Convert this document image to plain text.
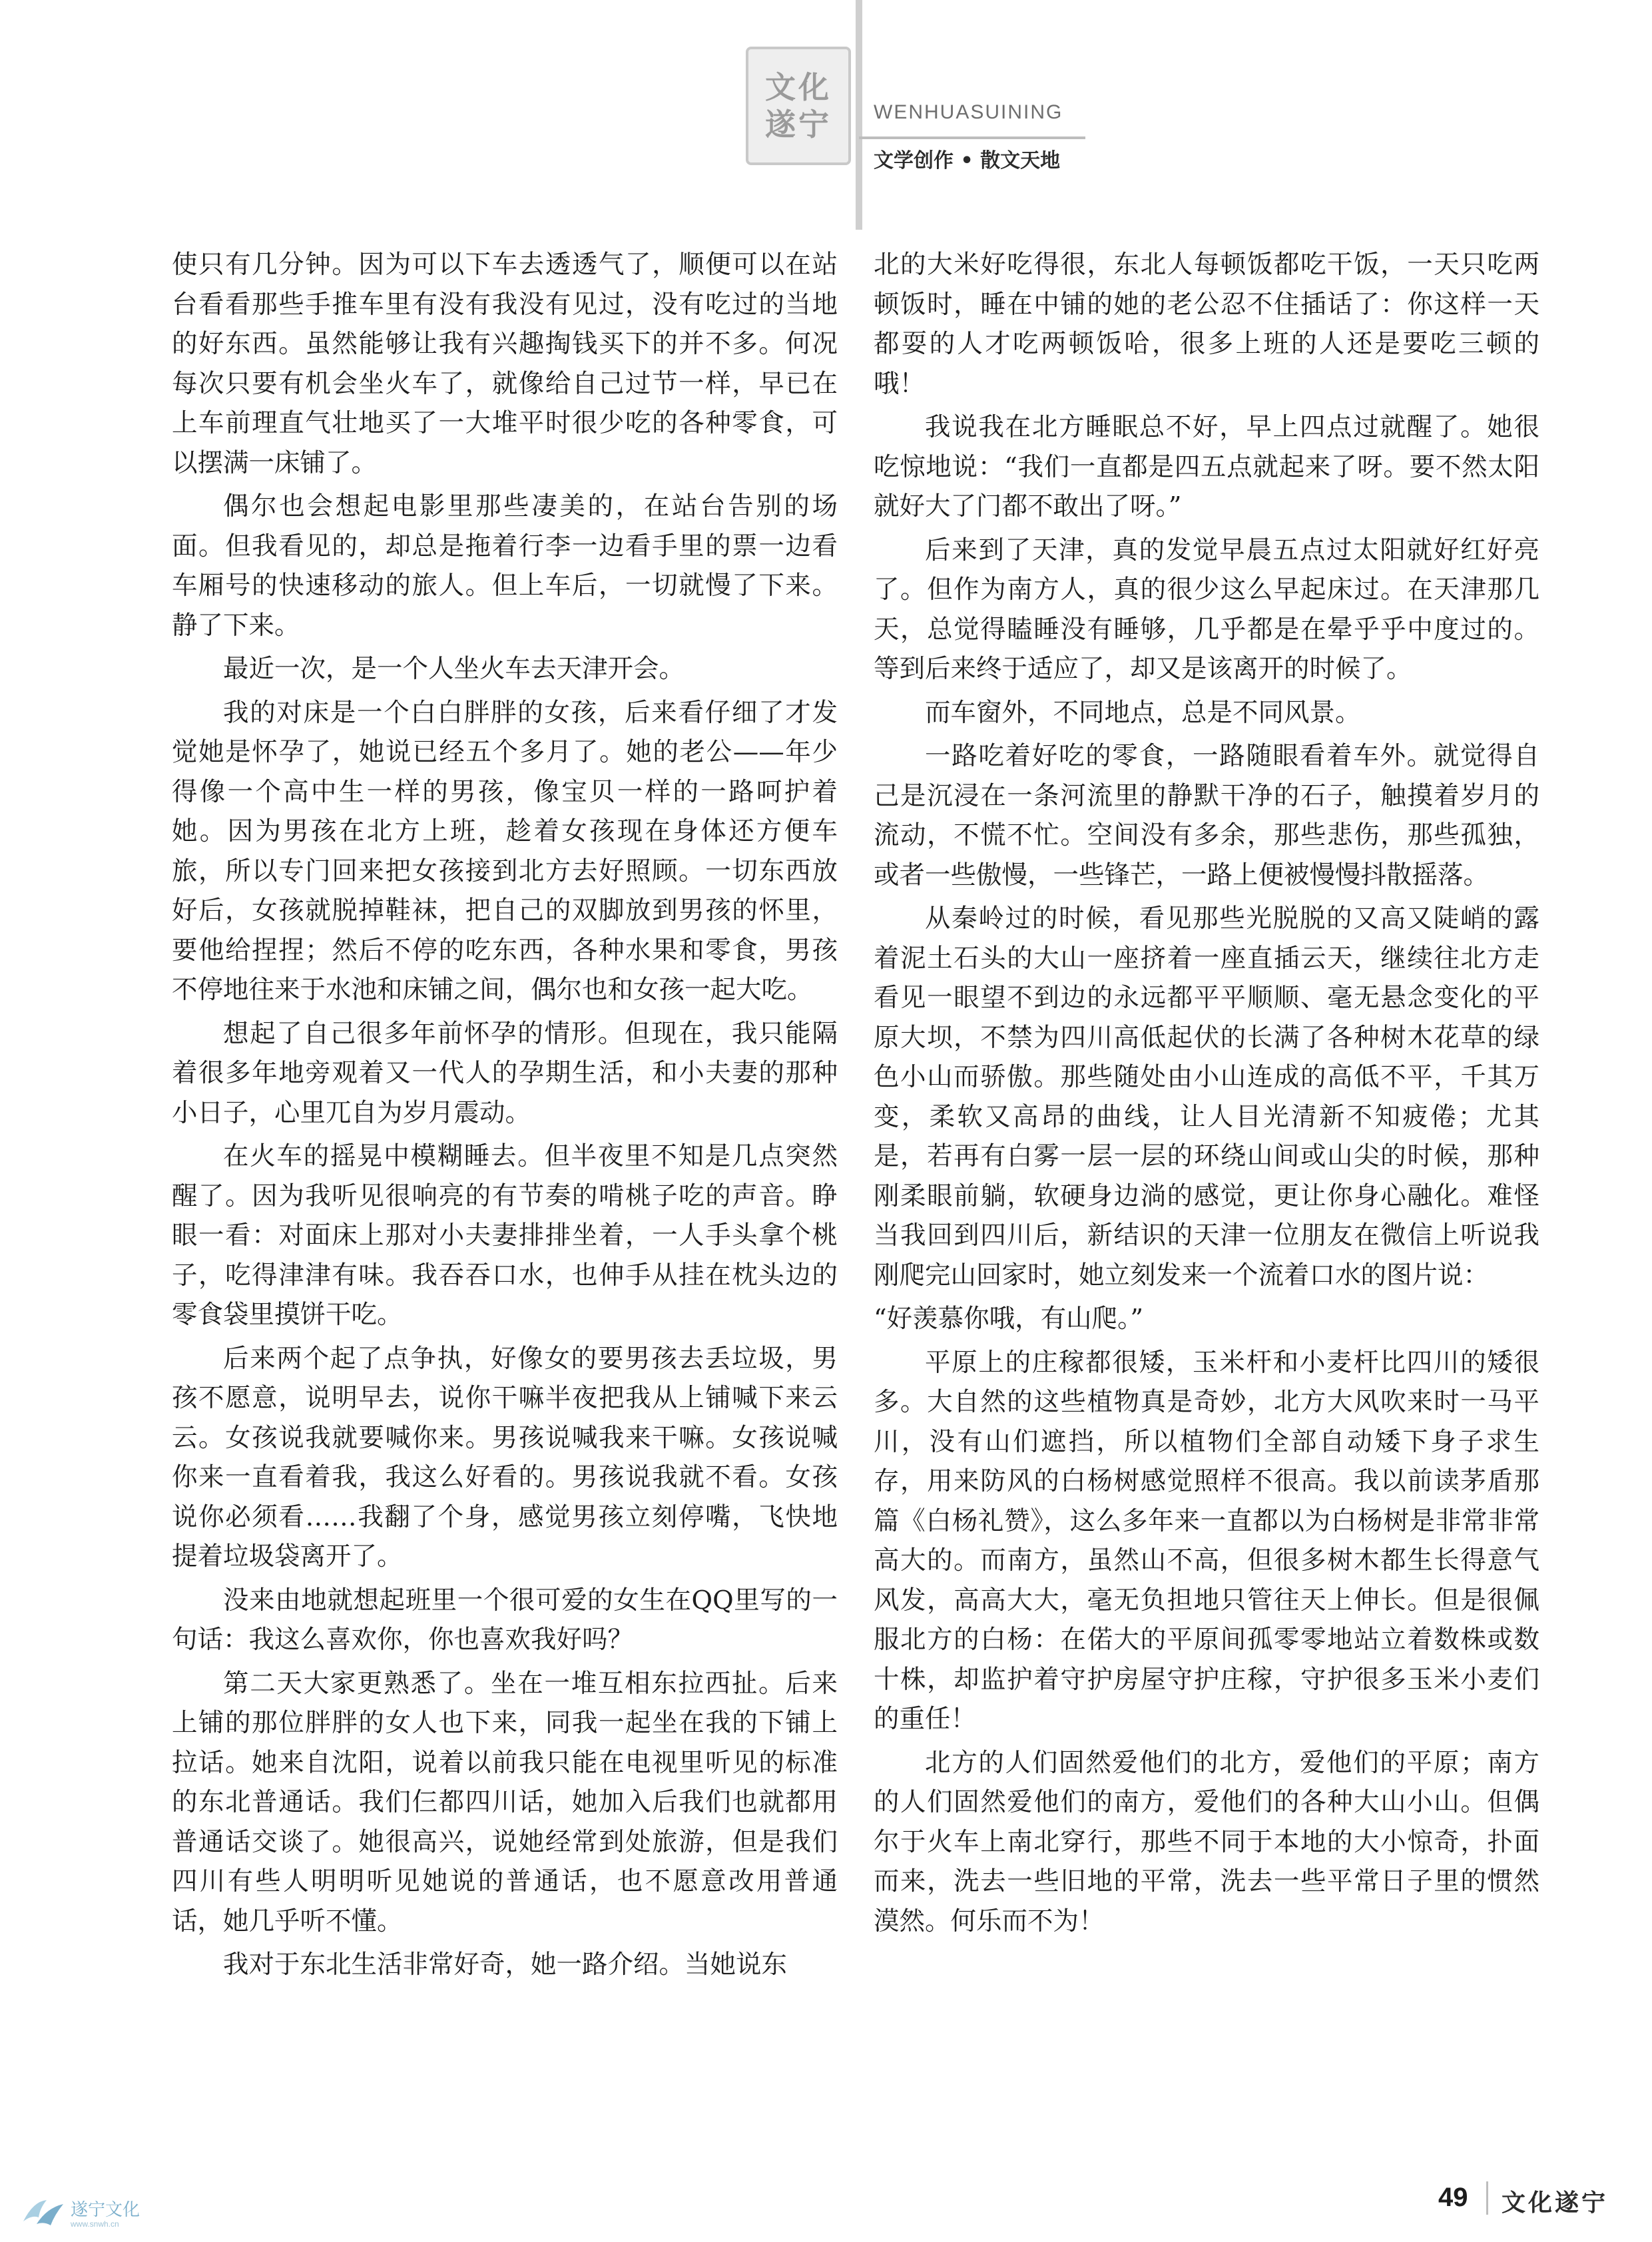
文化遂宁 WENHUASUINING
文学创作 • 散文天地

使只有几分钟。因为可以下车去透透气了，顺便可以在站台看看那些手推车里有没有我没有见过，没有吃过的当地的好东西。虽然能够让我有兴趣掏钱买下的并不多。何况每次只要有机会坐火车了，就像给自己过节一样，早已在上车前理直气壮地买了一大堆平时很少吃的各种零食，可以摆满一床铺了。

偶尔也会想起电影里那些凄美的，在站台告别的场面。但我看见的，却总是拖着行李一边看手里的票一边看车厢号的快速移动的旅人。但上车后，一切就慢了下来。静了下来。

最近一次，是一个人坐火车去天津开会。

我的对床是一个白白胖胖的女孩，后来看仔细了才发觉她是怀孕了，她说已经五个多月了。她的老公——年少得像一个高中生一样的男孩，像宝贝一样的一路呵护着她。因为男孩在北方上班，趁着女孩现在身体还方便车旅，所以专门回来把女孩接到北方去好照顾。一切东西放好后，女孩就脱掉鞋袜，把自己的双脚放到男孩的怀里，要他给捏捏；然后不停的吃东西，各种水果和零食，男孩不停地往来于水池和床铺之间，偶尔也和女孩一起大吃。

想起了自己很多年前怀孕的情形。但现在，我只能隔着很多年地旁观着又一代人的孕期生活，和小夫妻的那种小日子，心里兀自为岁月震动。

在火车的摇晃中模糊睡去。但半夜里不知是几点突然醒了。因为我听见很响亮的有节奏的啃桃子吃的声音。睁眼一看：对面床上那对小夫妻排排坐着，一人手头拿个桃子，吃得津津有味。我吞吞口水，也伸手从挂在枕头边的零食袋里摸饼干吃。

后来两个起了点争执，好像女的要男孩去丢垃圾，男孩不愿意，说明早去，说你干嘛半夜把我从上铺喊下来云云。女孩说我就要喊你来。男孩说喊我来干嘛。女孩说喊你来一直看着我，我这么好看的。男孩说我就不看。女孩说你必须看……我翻了个身，感觉男孩立刻停嘴，飞快地提着垃圾袋离开了。

没来由地就想起班里一个很可爱的女生在QQ里写的一句话：我这么喜欢你，你也喜欢我好吗？

第二天大家更熟悉了。坐在一堆互相东拉西扯。后来上铺的那位胖胖的女人也下来，同我一起坐在我的下铺上拉话。她来自沈阳，说着以前我只能在电视里听见的标准的东北普通话。我们仨都四川话，她加入后我们也就都用普通话交谈了。她很高兴，说她经常到处旅游，但是我们四川有些人明明听见她说的普通话，也不愿意改用普通话，她几乎听不懂。

我对于东北生活非常好奇，她一路介绍。当她说东

北的大米好吃得很，东北人每顿饭都吃干饭，一天只吃两顿饭时，睡在中铺的她的老公忍不住插话了：你这样一天都耍的人才吃两顿饭哈，很多上班的人还是要吃三顿的哦！

我说我在北方睡眠总不好，早上四点过就醒了。她很吃惊地说：“我们一直都是四五点就起来了呀。要不然太阳就好大了门都不敢出了呀。”

后来到了天津，真的发觉早晨五点过太阳就好红好亮了。但作为南方人，真的很少这么早起床过。在天津那几天，总觉得瞌睡没有睡够，几乎都是在晕乎乎中度过的。等到后来终于适应了，却又是该离开的时候了。

而车窗外，不同地点，总是不同风景。

一路吃着好吃的零食，一路随眼看着车外。就觉得自己是沉浸在一条河流里的静默干净的石子，触摸着岁月的流动，不慌不忙。空间没有多余，那些悲伤，那些孤独，或者一些傲慢，一些锋芒，一路上便被慢慢抖散摇落。

从秦岭过的时候，看见那些光脱脱的又高又陡峭的露着泥土石头的大山一座挤着一座直插云天，继续往北方走看见一眼望不到边的永远都平平顺顺、毫无悬念变化的平原大坝，不禁为四川高低起伏的长满了各种树木花草的绿色小山而骄傲。那些随处由小山连成的高低不平，千其万变，柔软又高昂的曲线，让人目光清新不知疲倦；尤其是，若再有白雾一层一层的环绕山间或山尖的时候，那种刚柔眼前躺，软硬身边淌的感觉，更让你身心融化。难怪当我回到四川后，新结识的天津一位朋友在微信上听说我刚爬完山回家时，她立刻发来一个流着口水的图片说：

“好羡慕你哦，有山爬。”

平原上的庄稼都很矮，玉米杆和小麦杆比四川的矮很多。大自然的这些植物真是奇妙，北方大风吹来时一马平川，没有山们遮挡，所以植物们全部自动矮下身子求生存，用来防风的白杨树感觉照样不很高。我以前读茅盾那篇《白杨礼赞》，这么多年来一直都以为白杨树是非常非常高大的。而南方，虽然山不高，但很多树木都生长得意气风发，高高大大，毫无负担地只管往天上伸长。但是很佩服北方的白杨：在偌大的平原间孤零零地站立着数株或数十株，却监护着守护房屋守护庄稼，守护很多玉米小麦们的重任！

北方的人们固然爱他们的北方，爱他们的平原；南方的人们固然爱他们的南方，爱他们的各种大山小山。但偶尔于火车上南北穿行，那些不同于本地的大小惊奇，扑面而来，洗去一些旧地的平常，洗去一些平常日子里的惯然漠然。何乐而不为！

49 文化遂宁
遂宁文化
www.snwh.cn
